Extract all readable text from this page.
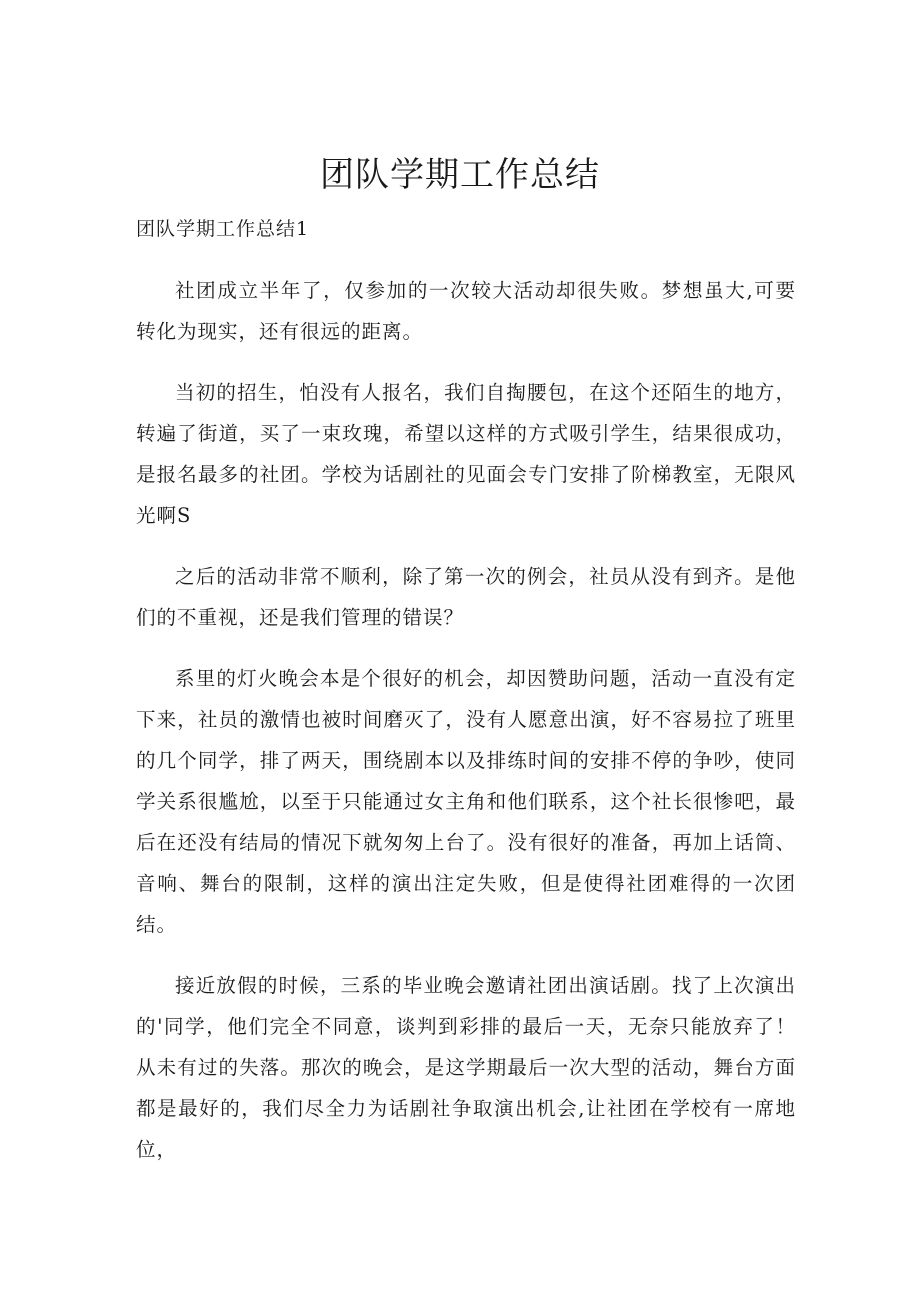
团队学期工作总结
团队学期工作总结1

社团成立半年了，仅参加的一次较大活动却很失败。梦想虽大,可要转化为现实，还有很远的距离。

当初的招生，怕没有人报名，我们自掏腰包，在这个还陌生的地方，转遍了街道，买了一束玫瑰，希望以这样的方式吸引学生，结果很成功，是报名最多的社团。学校为话剧社的见面会专门安排了阶梯教室，无限风光啊S

之后的活动非常不顺利，除了第一次的例会，社员从没有到齐。是他们的不重视，还是我们管理的错误？

系里的灯火晚会本是个很好的机会，却因赞助问题，活动一直没有定下来，社员的激情也被时间磨灭了，没有人愿意出演，好不容易拉了班里的几个同学，排了两天，围绕剧本以及排练时间的安排不停的争吵，使同学关系很尴尬，以至于只能通过女主角和他们联系，这个社长很惨吧，最后在还没有结局的情况下就匆匆上台了。没有很好的准备，再加上话筒、音响、舞台的限制，这样的演出注定失败，但是使得社团难得的一次团结。

接近放假的时候，三系的毕业晚会邀请社团出演话剧。找了上次演出的'同学，他们完全不同意，谈判到彩排的最后一天，无奈只能放弃了！从未有过的失落。那次的晚会，是这学期最后一次大型的活动，舞台方面都是最好的，我们尽全力为话剧社争取演出机会,让社团在学校有一席地位，
